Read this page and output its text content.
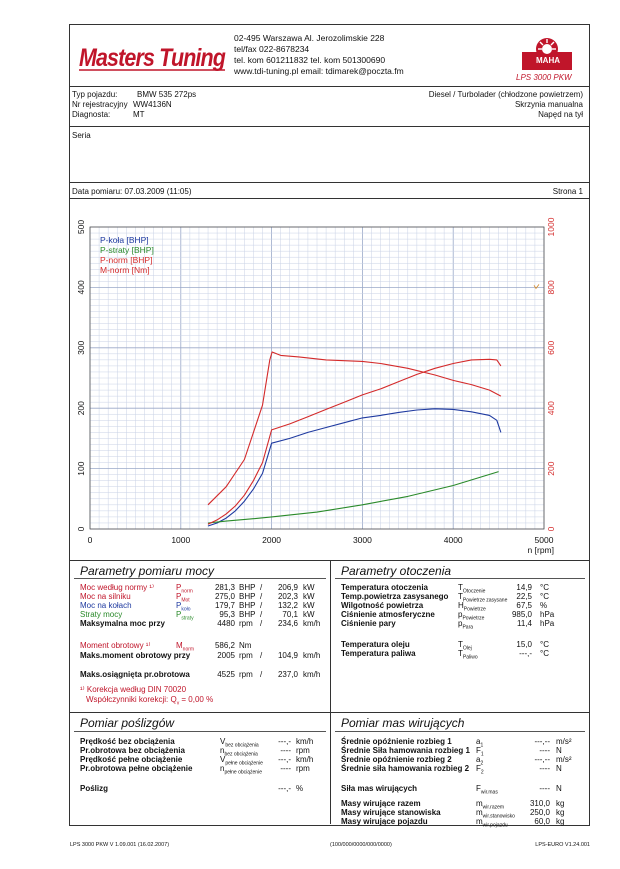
Masters Tuning
02-495 Warszawa Al. Jerozolimskie 228
tel/fax 022-8678234
tel. kom 601211832 tel. kom 501300690
www.tdi-tuning.pl email: tdimarek@poczta.fm
MAHA
LPS 3000 PKW
Typ pojazdu: BMW 535 272ps
Nr rejestracyjny WW4136N
Diagnosta:	MT
Diesel / Turbolader (chłodzone powietrzem)
Skrzynia manualna
Napęd na tył
Seria
Data pomiaru: 07.03.2009 (11:05)	Strona 1
0	1000	2000	3000	4000	5000
n [rpm]
0
100
200
300
400
500
0
200
400
600
800
1000
P-koła [BHP]
P-straty [BHP]
P-norm [BHP]
M-norm [Nm]
Parametry pomiaru mocy	Parametry otoczenia
Pomiar poślizgów	Pomiar mas wirujących
LPS 3000 PKW V 1.09.001 (16.02.2007)	(100/000/0000/000/0000)	LPS-EURO V1.24.001
Moc według normy ¹⁾	$P_{norm}$	281,3 BHP / 206,9 kW
Moc na silniku	$P_{Mot}$	275,0 BHP / 202,3 kW
Moc na kołach	$P_{koło}$	179,7 BHP / 132,2 kW
Straty mocy	$P_{straty}$	95,3 BHP /	70,1 kW
Maksymalna moc przy	4480 rpm / 234,6 km/h
Moment obrotowy ¹⁾	$M_{norm}$	586,2 Nm
Maks.moment obrotowy przy	2005 rpm / 104,9 km/h
Maks.osiągnięta pr.obrotowa	4525 rpm / 237,0 km/h
¹⁾ Korekcja według DIN 70020
Współczynniki korekcji: $Q_v = 0,00$ %
Temperatura otoczenia	$T_{Otoczenie}$	14,9 °C
Temp.powietrza zasysanego $T_{Powietrze zasysane}$ 22,5 °C
Wilgotność powietrza	$H_{Powietrze}$	67,5 %
Ciśnienie atmosferyczne	$p_{Powietrze}$	985,0 hPa
Ciśnienie pary	$p_{Para}$	11,4 hPa
Temperatura oleju	$T_{Olej}$	15,0 °C
Temperatura paliwa	$T_{Paliwo}$	---,- °C
Prędkość bez obciążenia	$V_{bez obciążenia}$ ---,- km/h
Pr.obrotowa bez obciążenia	$n_{bez obciążenia}$	---- rpm
Prędkość pełne obciążenie	$V_{pełne obciążenie}$ ---,- km/h
Pr.obrotowa pełne obciążenie	$n_{pełne obciążenie}$ ---- rpm
Poślizg	---,- %
Średnie opóźnienie rozbieg 1	$a_1$	---,-- m/s²
Średnie Siła hamowania rozbieg 1 $F_1$	---- N
Średnie opóźnienie rozbieg 2	$a_2$	---,-- m/s²
Średnie siła hamowania rozbieg 2 $F_2$	---- N
Siła mas wirujących	$F_{wir.mas}$	---- N
Masy wirujące razem	$m_{wir.razem}$	310,0 kg
Masy wirujące stanowiska	$m_{wir.stanowisko}$ 250,0 kg
Masy wirujące pojazdu	$m_{wir.pojazdu}$	60,0 kg
